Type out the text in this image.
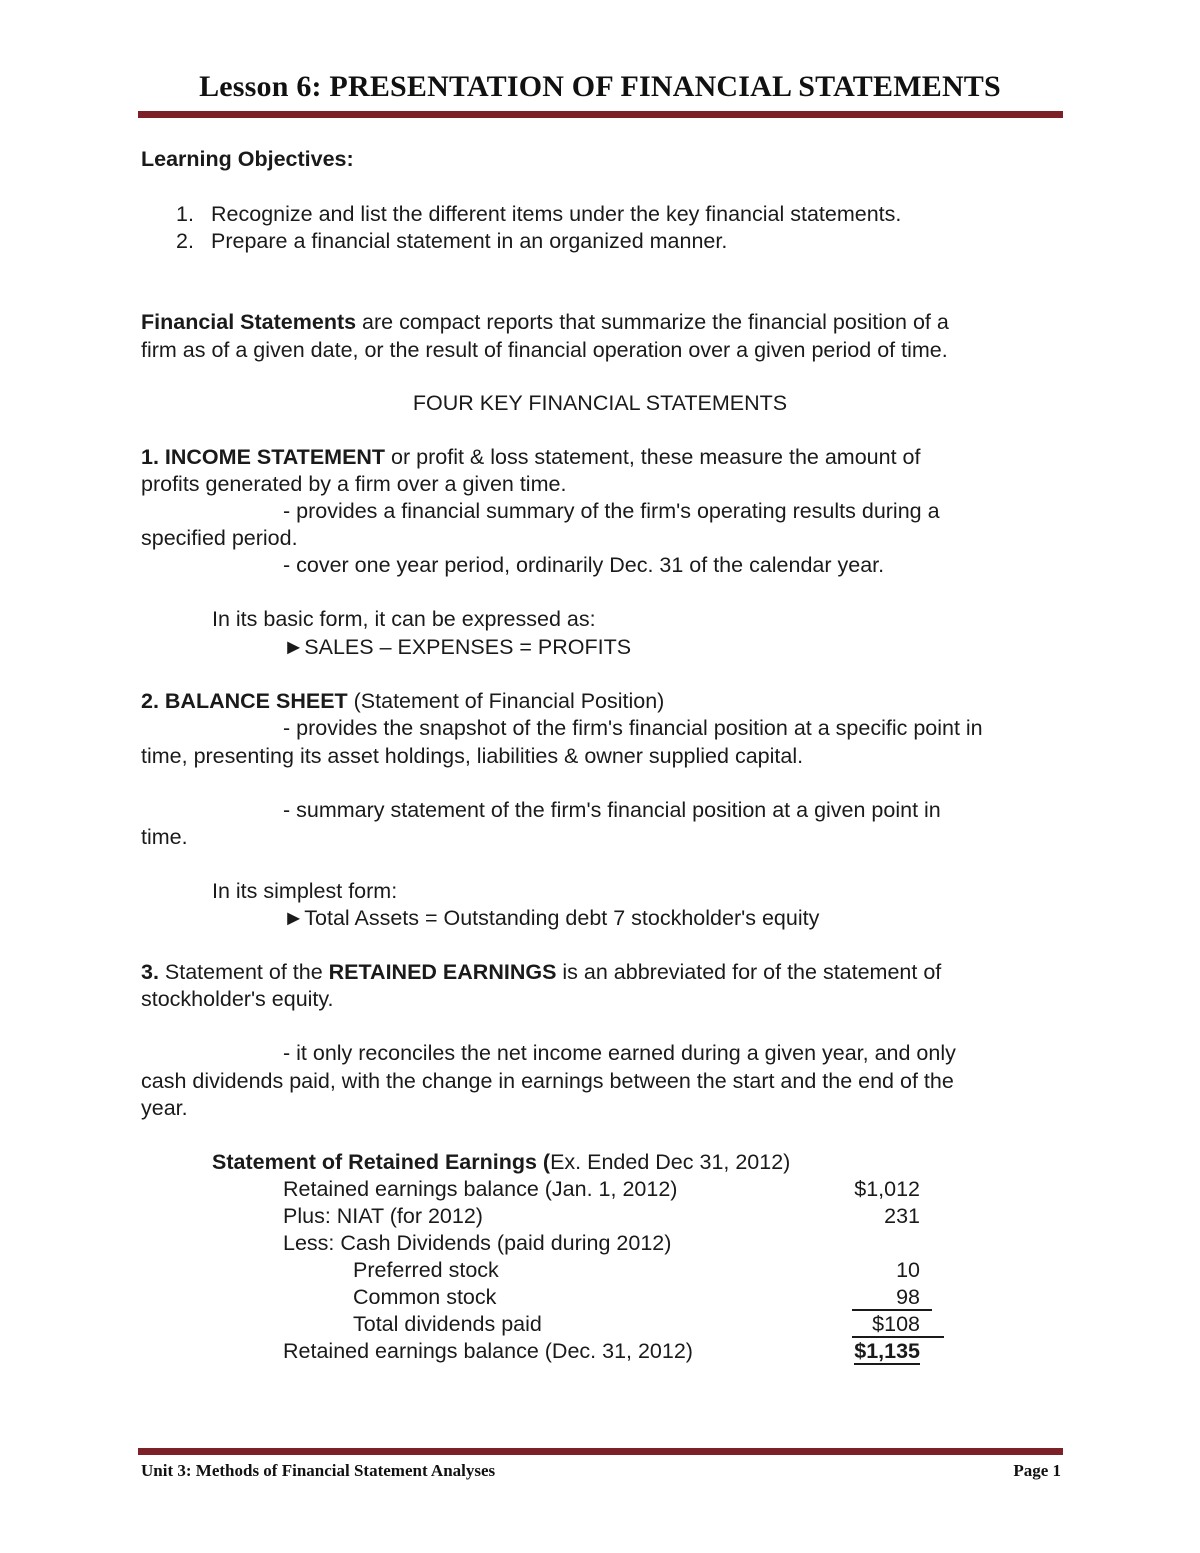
Lesson 6: PRESENTATION OF FINANCIAL STATEMENTS
Learning Objectives:
1. Recognize and list the different items under the key financial statements.
2. Prepare a financial statement in an organized manner.
Financial Statements are compact reports that summarize the financial position of a
firm as of a given date, or the result of financial operation over a given period of time.
FOUR KEY FINANCIAL STATEMENTS
1. INCOME STATEMENT or profit & loss statement, these measure the amount of
profits generated by a firm over a given time.
- provides a financial summary of the firm's operating results during a
specified period.
- cover one year period, ordinarily Dec. 31 of the calendar year.
In its basic form, it can be expressed as:
►SALES – EXPENSES = PROFITS
2. BALANCE SHEET (Statement of Financial Position)
- provides the snapshot of the firm's financial position at a specific point in
time, presenting its asset holdings, liabilities & owner supplied capital.
- summary statement of the firm's financial position at a given point in
time.
In its simplest form:
►Total Assets = Outstanding debt 7 stockholder's equity
3. Statement of the RETAINED EARNINGS is an abbreviated for of the statement of
stockholder's equity.
- it only reconciles the net income earned during a given year, and only
cash dividends paid, with the change in earnings between the start and the end of the
year.
Statement of Retained Earnings (Ex. Ended Dec 31, 2012)
Retained earnings balance (Jan. 1, 2012)	$1,012
Plus: NIAT (for 2012)	231
Less: Cash Dividends (paid during 2012)
Preferred stock	10
Common stock	98
Total dividends paid	$108
Retained earnings balance (Dec. 31, 2012)	$1,135
Unit 3: Methods of Financial Statement Analyses	Page 1
